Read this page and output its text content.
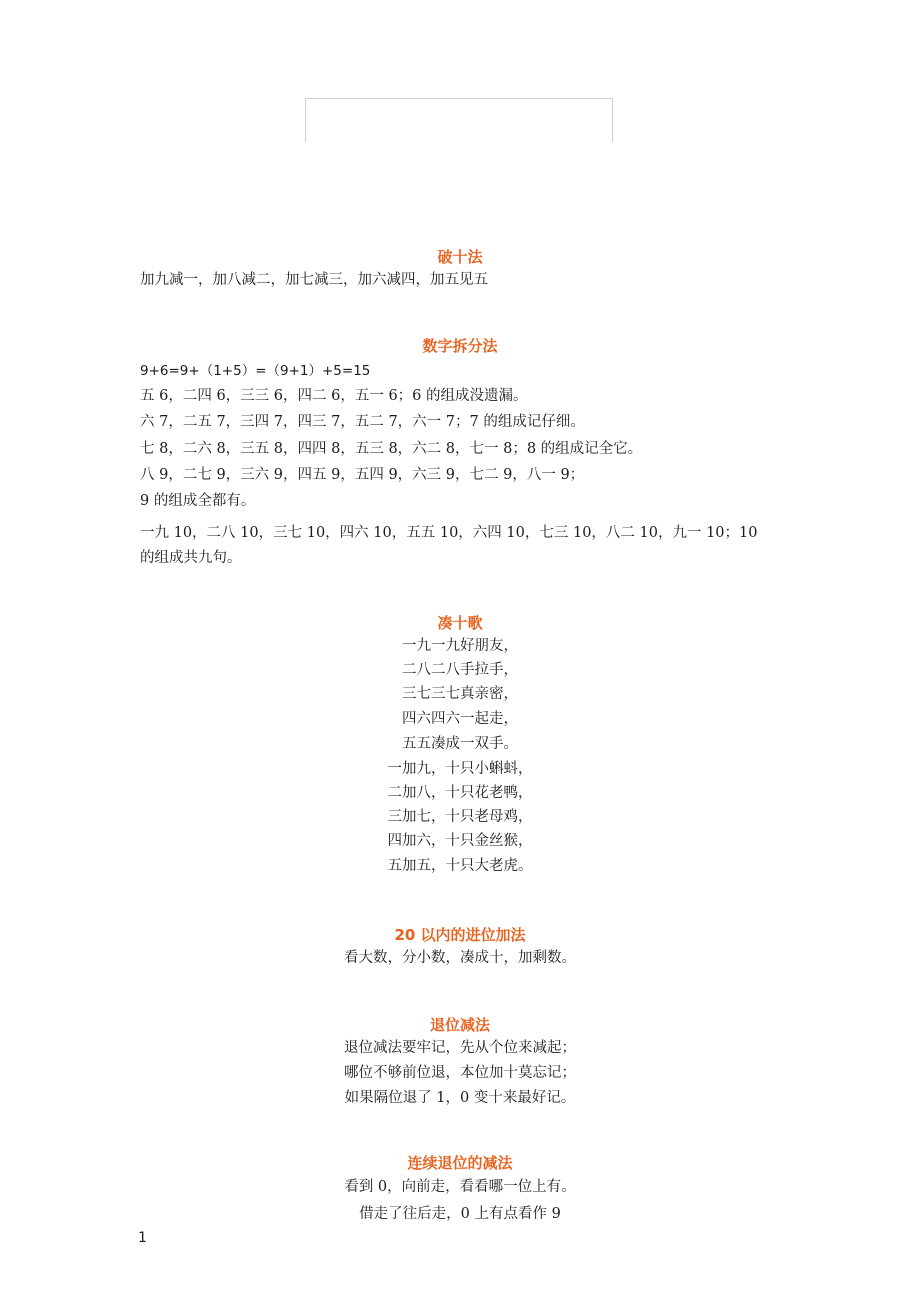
破十法
加九减一，加八减二，加七减三，加六减四，加五见五
数字拆分法
9+6=9+（1+5）=（9+1）+5=15
五 6，二四 6，三三 6，四二 6，五一 6；6 的组成没遗漏。
六 7，二五 7，三四 7，四三 7，五二 7，六一 7；7 的组成记仔细。
七 8，二六 8，三五 8，四四 8，五三 8，六二 8，七一 8；8 的组成记全它。
八 9，二七 9，三六 9，四五 9，五四 9，六三 9，七二 9，八一 9；
9 的组成全都有。
一九 10，二八 10，三七 10，四六 10，五五 10，六四 10，七三 10，八二 10，九一 10；10
的组成共九句。
凑十歌
一九一九好朋友，
二八二八手拉手，
三七三七真亲密，
四六四六一起走，
五五凑成一双手。
一加九，十只小蝌蚪，
二加八，十只花老鸭，
三加七，十只老母鸡，
四加六，十只金丝猴，
五加五，十只大老虎。
20 以内的进位加法
看大数，分小数，凑成十，加剩数。
退位减法
退位减法要牢记，先从个位来减起；
哪位不够前位退，本位加十莫忘记；
如果隔位退了 1，0 变十来最好记。
连续退位的减法
看到 0，向前走，看看哪一位上有。
借走了往后走，0 上有点看作 9
1
